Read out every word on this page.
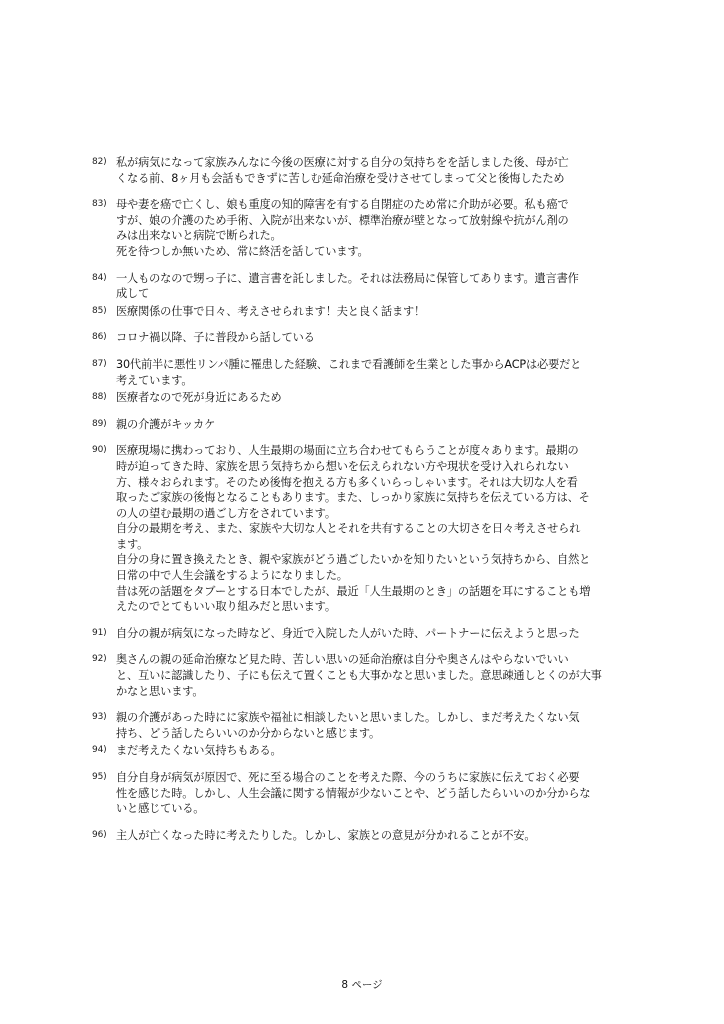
82) 私が病気になって家族みんなに今後の医療に対する自分の気持ちをを話しました後、母が亡
くなる前、8ヶ月も会話もできずに苦しむ延命治療を受けさせてしまって父と後悔したため
83) 母や妻を癌で亡くし、娘も重度の知的障害を有する自閉症のため常に介助が必要。私も癌で
すが、娘の介護のため手術、入院が出来ないが、標準治療が壁となって放射線や抗がん剤の
みは出来ないと病院で断られた。
死を待つしか無いため、常に終活を話しています。
84) 一人ものなので甥っ子に、遺言書を託しました。それは法務局に保管してあります。遺言書作
成して
85) 医療関係の仕事で日々、考えさせられます！夫と良く話ます！
86) コロナ禍以降、子に普段から話している
87) 30代前半に悪性リンパ腫に罹患した経験、これまで看護師を生業とした事からACPは必要だと
考えています。
88) 医療者なので死が身近にあるため
89) 親の介護がキッカケ
90) 医療現場に携わっており、人生最期の場面に立ち合わせてもらうことが度々あります。最期の
時が迫ってきた時、家族を思う気持ちから想いを伝えられない方や現状を受け入れられない
方、様々おられます。そのため後悔を抱える方も多くいらっしゃいます。それは大切な人を看
取ったご家族の後悔となることもあります。また、しっかり家族に気持ちを伝えている方は、そ
の人の望む最期の過ごし方をされています。
自分の最期を考え、また、家族や大切な人とそれを共有することの大切さを日々考えさせられ
ます。
自分の身に置き換えたとき、親や家族がどう過ごしたいかを知りたいという気持ちから、自然と
日常の中で人生会議をするようになりました。
昔は死の話題をタブーとする日本でしたが、最近「人生最期のとき」の話題を耳にすることも増
えたのでとてもいい取り組みだと思います。
91) 自分の親が病気になった時など、身近で入院した人がいた時、パートナーに伝えようと思った
92) 奥さんの親の延命治療など見た時、苦しい思いの延命治療は自分や奥さんはやらないでいい
と、互いに認識したり、子にも伝えて置くことも大事かなと思いました。意思疎通しとくのが大事
かなと思います。
93) 親の介護があった時にに家族や福祉に相談したいと思いました。しかし、まだ考えたくない気
持ち、どう話したらいいのか分からないと感じます。
94) まだ考えたくない気持ちもある。
95) 自分自身が病気が原因で、死に至る場合のことを考えた際、今のうちに家族に伝えておく必要
性を感じた時。しかし、人生会議に関する情報が少ないことや、どう話したらいいのか分からな
いと感じている。
96) 主人が亡くなった時に考えたりした。しかし、家族との意見が分かれることが不安。
8 ページ
